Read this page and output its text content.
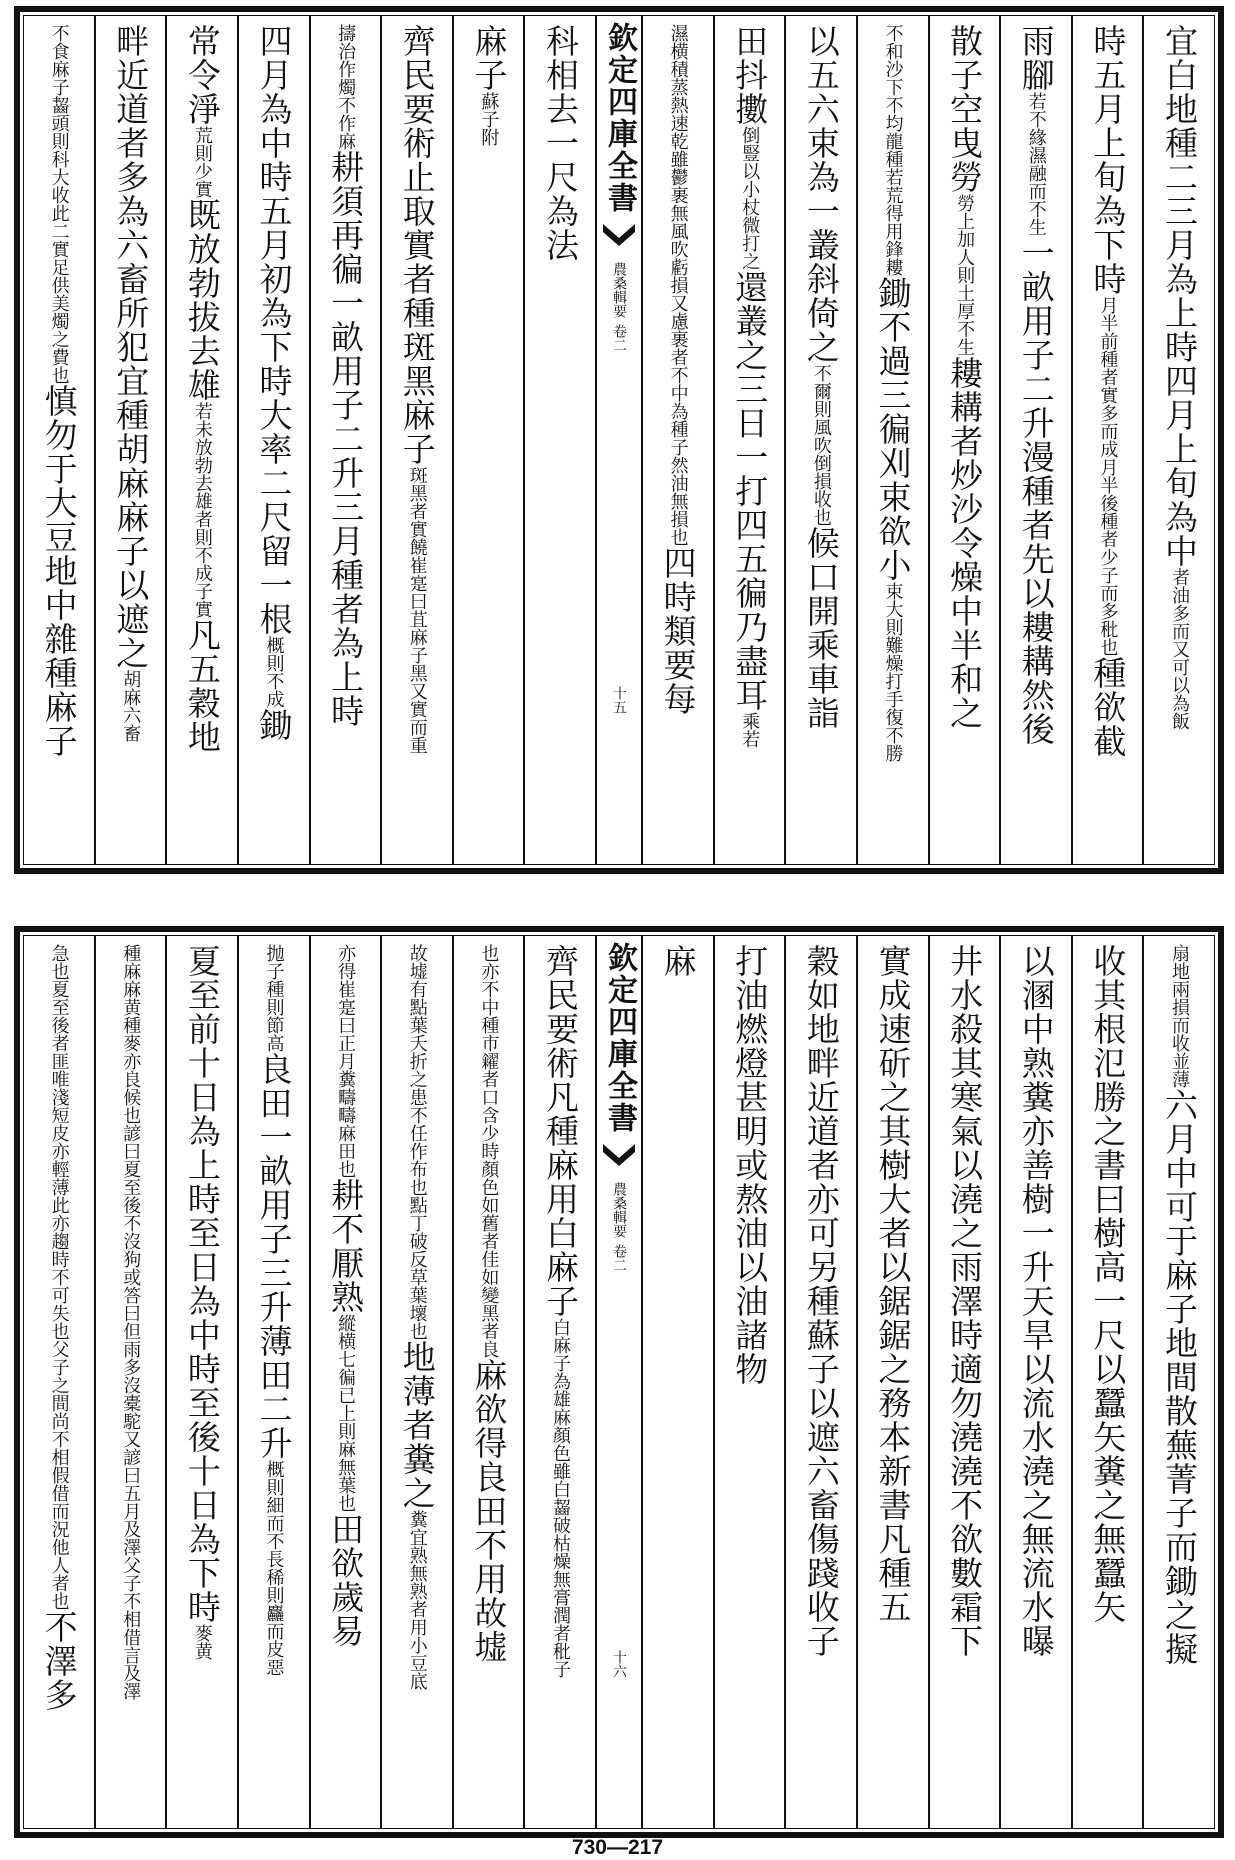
宜白地種二三月為上時四月上旬為中者油多而又可以為飯
時五月上旬為下時月半前種者實多而成月半後種者少子而多秕也種欲截
雨腳若不緣濕融而不生一畝用子二升漫種者先以耬耩然後
散子空曳勞勞上加人則土厚不生耬耩者炒沙令燥中半和之
不和沙下不均龍種若荒得用鋒耬鋤不過三徧刈束欲小束大則難燥打手復不勝
以五六束為一叢斜倚之不爾則風吹倒損收也候口開乘車詣
田抖擻倒豎以小杖微打之還叢之三日一打四五徧乃盡耳乘若
濕横積蒸熱速乾雖鬱裹無風吹虧損又慮裹者不中為種子然油無損也四時類要每
欽定四庫全書
農桑輯要
卷二
十五
科相去一尺為法
麻子蘇子附
齊民要術止取實者種斑黑麻子斑黑者實饒崔寔曰苴麻子黑又實而重
擣治作燭不作麻耕須再徧一畝用子二升三月種者為上時
四月為中時五月初為下時大率二尺留一根概則不成鋤
常令淨荒則少實既放勃拔去雄若未放勃去雄者則不成子實凡五穀地
畔近道者多為六畜所犯宜種胡麻麻子以遮之胡麻六畜
不食麻子齧頭則科大收此二實足供美燭之費也慎勿于大豆地中雜種麻子
扇地兩損而收並薄六月中可于麻子地間散蕪菁子而鋤之擬
收其根氾勝之書曰樹高一尺以蠶矢糞之無蠶矢
以溷中熟糞亦善樹一升天旱以流水澆之無流水曝
井水殺其寒氣以澆之雨澤時適勿澆澆不欲數霜下
實成速斫之其樹大者以鋸鋸之務本新書凡種五
穀如地畔近道者亦可另種蘇子以遮六畜傷踐收子
打油燃燈甚明或熬油以油諸物
麻
欽定四庫全書
農桑輯要
卷二
十六
齊民要術凡種麻用白麻子白麻子為雄麻顏色雖白齧破枯燥無膏潤者秕子
也亦不中種市糴者口含少時顏色如舊者佳如變黑者良麻欲得良田不用故墟
故墟有點葉夭折之患不任作布也點丁破反草葉壞也地薄者糞之糞宜熟無熟者用小豆底
亦得崔寔曰正月糞疇疇麻田也耕不厭熟縱横七徧已上則麻無葉也田欲歲易
抛子種則節高良田一畝用子三升薄田二升概則細而不長稀則麤而皮惡
夏至前十日為上時至日為中時至後十日為下時麥黄
種麻麻黄種麥亦良候也諺曰夏至後不沒狗或答曰但雨多沒橐駝又諺曰五月及澤父子不相借言及澤
急也夏至後者匪唯淺短皮亦輕薄此亦趨時不可失也父子之間尚不相假借而況他人者也不澤多
730—217
